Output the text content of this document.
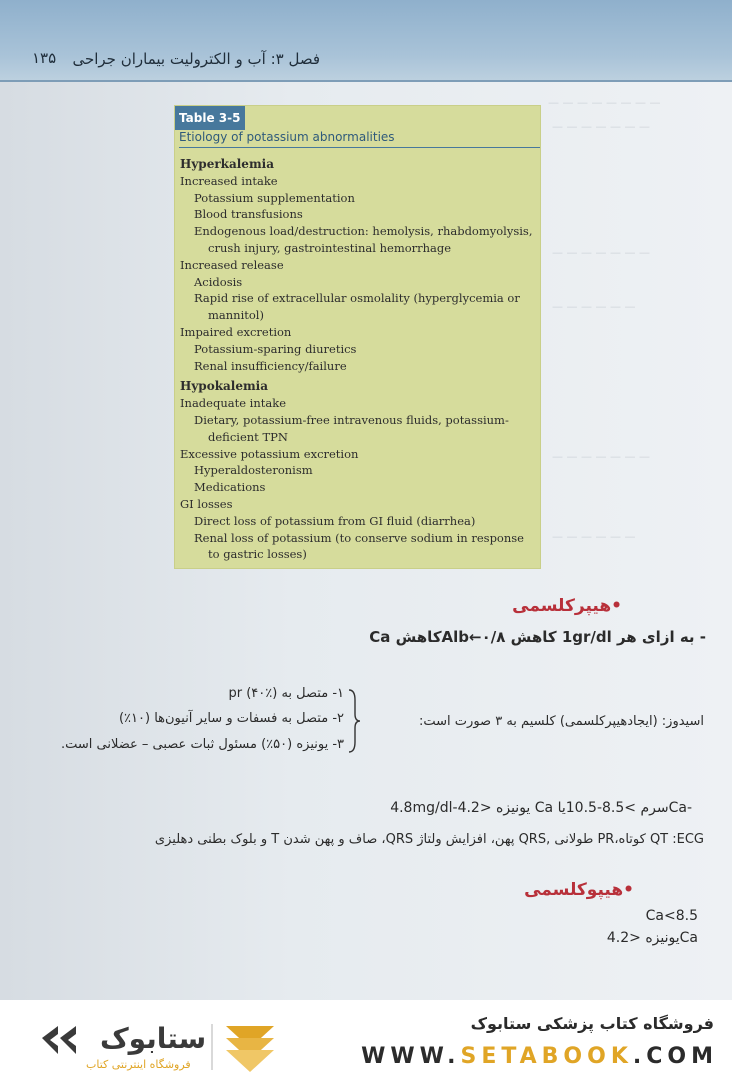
فصل ۳: آب و الکترولیت بیماران جراحی
۱۳۵
— — — — — — — —
— — — — — — —
— — — — — — —
— — — — — —
— — — — — — —
— — — — — —
Table 3-5
Etiology of potassium abnormalities
Hyperkalemia
Increased intake
Potassium supplementation
Blood transfusions
Endogenous load/destruction: hemolysis, rhabdomyolysis,
crush injury, gastrointestinal hemorrhage
Increased release
Acidosis
Rapid rise of extracellular osmolality (hyperglycemia or
mannitol)
Impaired excretion
Potassium-sparing diuretics
Renal insufficiency/failure
Hypokalemia
Inadequate intake
Dietary, potassium-free intravenous fluids, potassium-
deficient TPN
Excessive potassium excretion
Hyperaldosteronism
Medications
GI losses
Direct loss of potassium from GI fluid (diarrhea)
Renal loss of potassium (to conserve sodium in response
to gastric losses)
•هیپرکلسمی
- به ازای هر 1gr/dl کاهش Alb←۰/۸کاهش Ca
اسیدوز: (ایجادهیپرکلسمی) کلسیم به ۳ صورت است:
۱- متصل به pr (۴۰٪)
۲- متصل به فسفات و سایر آنیون‌ها (۱۰٪)
۳- یونیزه (۵۰٪) مسئول ثبات عصبی – عضلانی است.
-Caسرم >8.5-10.5یا Ca یونیزه <4.2-4.8mg/dl
QT :ECG کوتاه،PR طولانی ,QRS پهن، افزایش ولتاژ QRS، صاف و پهن شدن T و بلوک بطنی دهلیزی
•هیپوکلسمی
8.5>Ca
Caیونیزه <4.2
ستابوک
فروشگاه اینترنتی کتاب
فروشگاه کتاب پزشکی ستابوک
WWW.SETABOOK.COM
